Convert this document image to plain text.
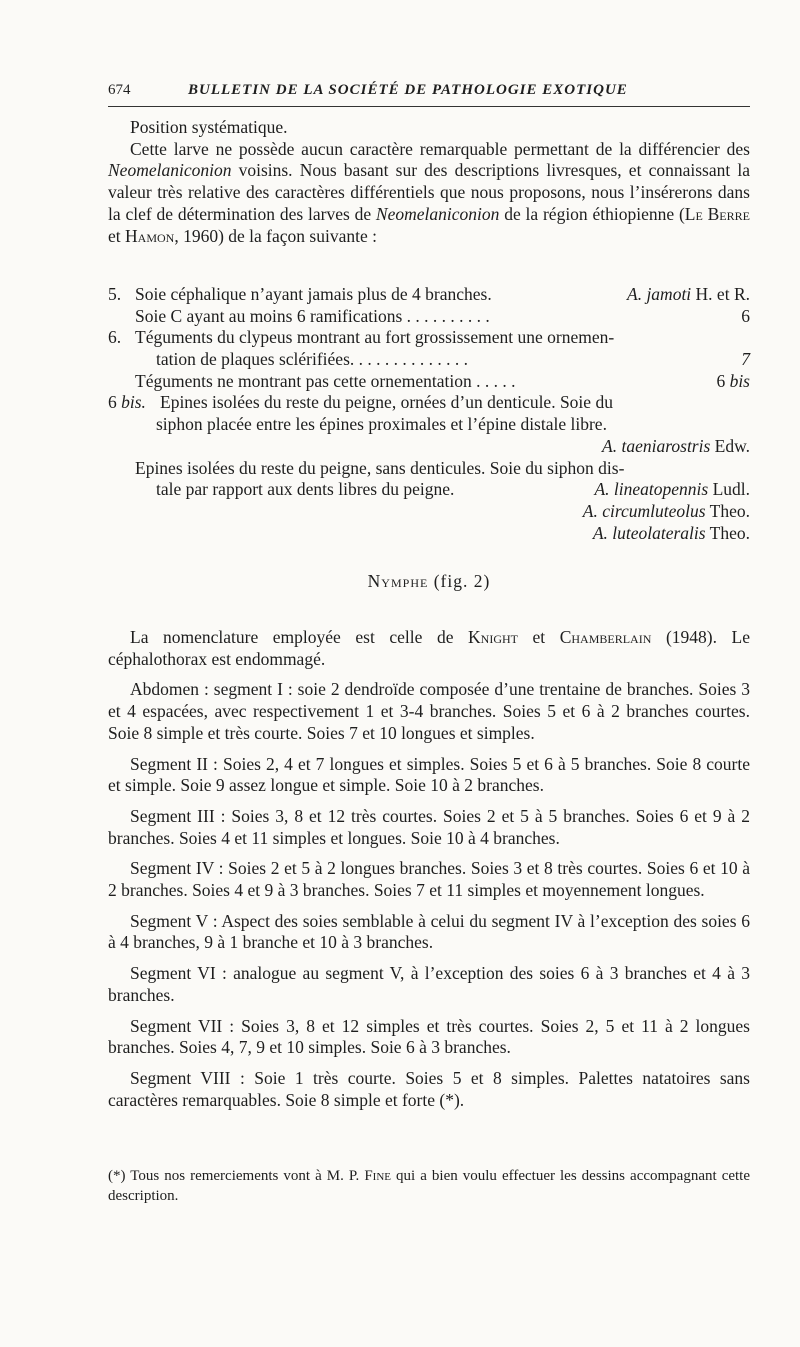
674	BULLETIN DE LA SOCIÉTÉ DE PATHOLOGIE EXOTIQUE

Position systématique.

Cette larve ne possède aucun caractère remarquable permettant de la différencier des Neomelaniconion voisins. Nous basant sur des descriptions livresques, et connaissant la valeur très relative des caractères différentiels que nous proposons, nous l’insérerons dans la clef de détermination des larves de Neomelaniconion de la région éthiopienne (Le Berre et Hamon, 1960) de la façon suivante :

5. Soie céphalique n’ayant jamais plus de 4 branches.	A. jamoti H. et R.
Soie C ayant au moins 6 ramifications . . . . . . . . . .	6
6. Téguments du clypeus montrant au fort grossissement une ornemen-
tation de plaques sclérifiées. . . . . . . . . . . . . .	7
Téguments ne montrant pas cette ornementation . . . . .	6 bis
6 bis. Epines isolées du reste du peigne, ornées d’un denticule. Soie du
siphon placée entre les épines proximales et l’épine distale libre.
A. taeniarostris Edw.
Epines isolées du reste du peigne, sans denticules. Soie du siphon dis-
tale par rapport aux dents libres du peigne.	A. lineatopennis Ludl.
A. circumluteolus Theo.
A. luteolateralis Theo.
Nymphe (fig. 2)

La nomenclature employée est celle de Knight et Chamberlain (1948). Le céphalothorax est endommagé.

Abdomen : segment I : soie 2 dendroïde composée d’une trentaine de branches. Soies 3 et 4 espacées, avec respectivement 1 et 3-4 branches. Soies 5 et 6 à 2 branches courtes. Soie 8 simple et très courte. Soies 7 et 10 longues et simples.

Segment II : Soies 2, 4 et 7 longues et simples. Soies 5 et 6 à 5 branches. Soie 8 courte et simple. Soie 9 assez longue et simple. Soie 10 à 2 branches.

Segment III : Soies 3, 8 et 12 très courtes. Soies 2 et 5 à 5 branches. Soies 6 et 9 à 2 branches. Soies 4 et 11 simples et longues. Soie 10 à 4 branches.

Segment IV : Soies 2 et 5 à 2 longues branches. Soies 3 et 8 très courtes. Soies 6 et 10 à 2 branches. Soies 4 et 9 à 3 branches. Soies 7 et 11 simples et moyennement longues.

Segment V : Aspect des soies semblable à celui du segment IV à l’exception des soies 6 à 4 branches, 9 à 1 branche et 10 à 3 branches.

Segment VI : analogue au segment V, à l’exception des soies 6 à 3 branches et 4 à 3 branches.

Segment VII : Soies 3, 8 et 12 simples et très courtes. Soies 2, 5 et 11 à 2 longues branches. Soies 4, 7, 9 et 10 simples. Soie 6 à 3 branches.

Segment VIII : Soie 1 très courte. Soies 5 et 8 simples. Palettes natatoires sans caractères remarquables. Soie 8 simple et forte (*).

(*) Tous nos remerciements vont à M. P. Fine qui a bien voulu effectuer les dessins accompagnant cette description.
